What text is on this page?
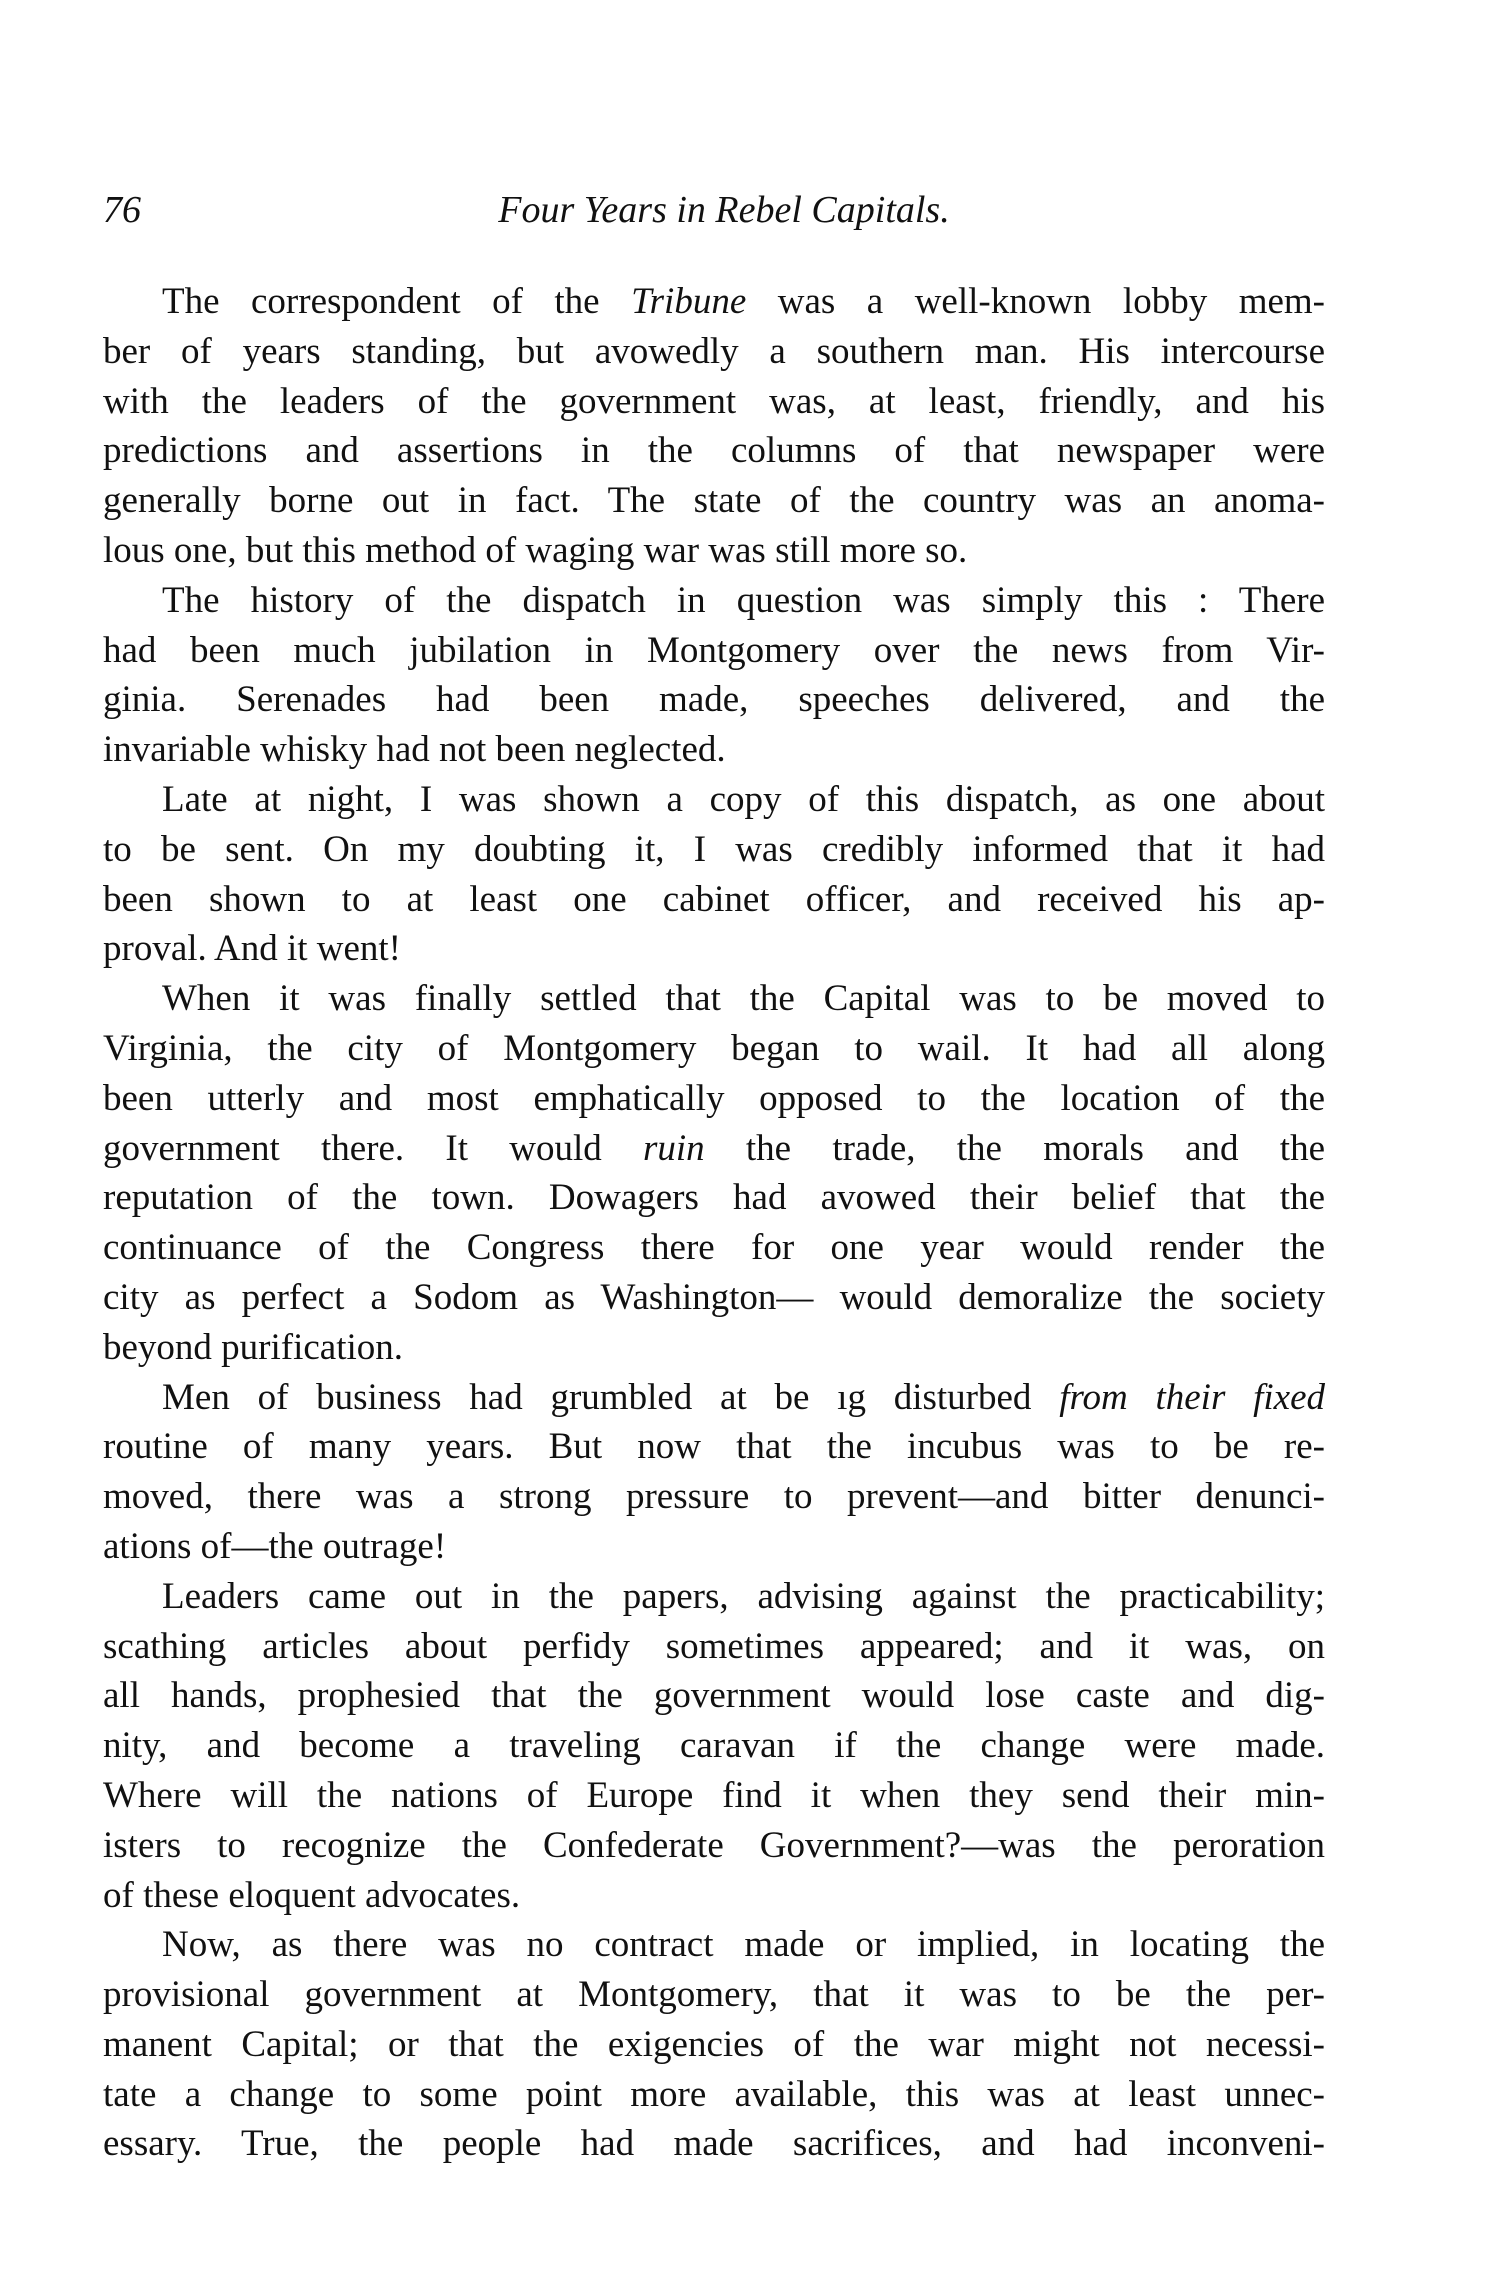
76	Four Years in Rebel Capitals.
The correspondent of the Tribune was a well-known lobby mem-
ber of years standing, but avowedly a southern man. His intercourse
with the leaders of the government was, at least, friendly, and his
predictions and assertions in the columns of that newspaper were
generally borne out in fact. The state of the country was an anoma-
lous one, but this method of waging war was still more so.
The history of the dispatch in question was simply this : There
had been much jubilation in Montgomery over the news from Vir-
ginia. Serenades had been made, speeches delivered, and the
invariable whisky had not been neglected.
Late at night, I was shown a copy of this dispatch, as one about
to be sent. On my doubting it, I was credibly informed that it had
been shown to at least one cabinet officer, and received his ap-
proval. And it went!
When it was finally settled that the Capital was to be moved to
Virginia, the city of Montgomery began to wail. It had all along
been utterly and most emphatically opposed to the location of the
government there. It would ruin the trade, the morals and the
reputation of the town. Dowagers had avowed their belief that the
continuance of the Congress there for one year would render the
city as perfect a Sodom as Washington— would demoralize the society
beyond purification.
Men of business had grumbled at be ıg disturbed from their fixed
routine of many years. But now that the incubus was to be re-
moved, there was a strong pressure to prevent—and bitter denunci-
ations of—the outrage!
Leaders came out in the papers, advising against the practicability;
scathing articles about perfidy sometimes appeared; and it was, on
all hands, prophesied that the government would lose caste and dig-
nity, and become a traveling caravan if the change were made.
Where will the nations of Europe find it when they send their min-
isters to recognize the Confederate Government?—was the peroration
of these eloquent advocates.
Now, as there was no contract made or implied, in locating the
provisional government at Montgomery, that it was to be the per-
manent Capital; or that the exigencies of the war might not necessi-
tate a change to some point more available, this was at least unnec-
essary. True, the people had made sacrifices, and had inconveni-
